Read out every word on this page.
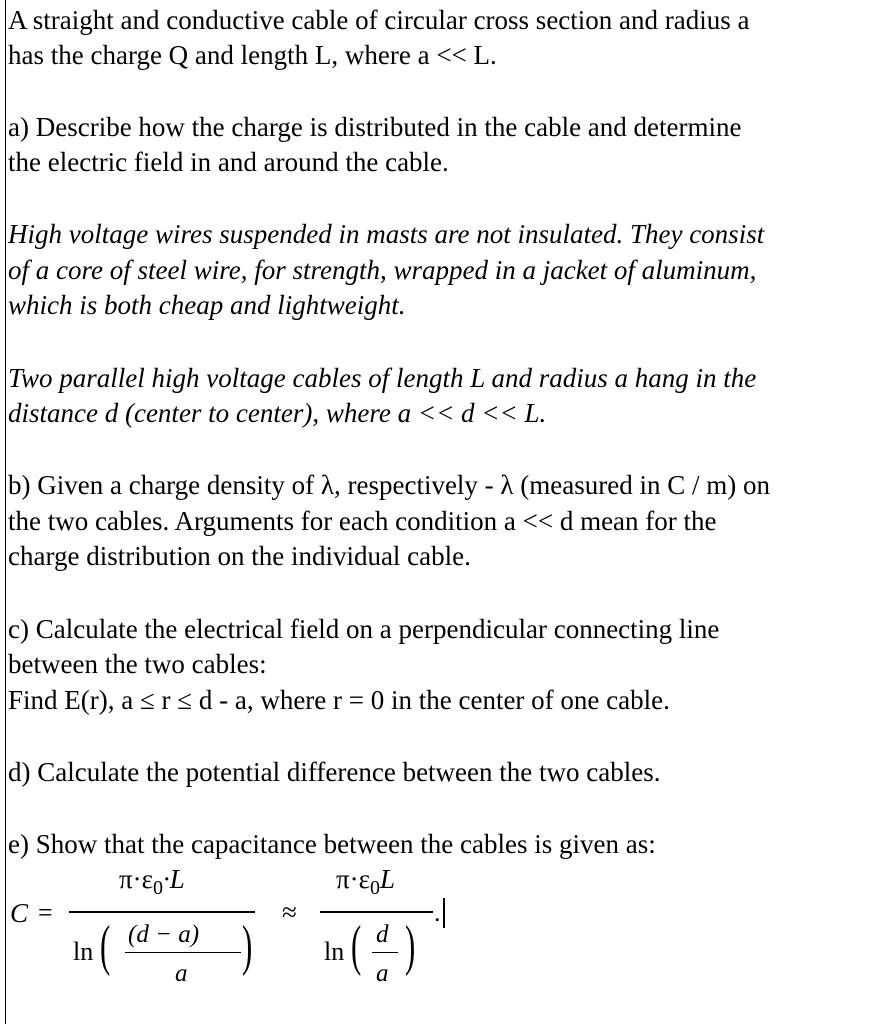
A straight and conductive cable of circular cross section and radius a
has the charge Q and length L, where a << L.
a) Describe how the charge is distributed in the cable and determine
the electric field in and around the cable.
High voltage wires suspended in masts are not insulated. They consist
of a core of steel wire, for strength, wrapped in a jacket of aluminum,
which is both cheap and lightweight.
Two parallel high voltage cables of length L and radius a hang in the
distance d (center to center), where a << d << L.
b) Given a charge density of λ, respectively - λ (measured in C / m) on
the two cables. Arguments for each condition a << d mean for the
charge distribution on the individual cable.
c) Calculate the electrical field on a perpendicular connecting line
between the two cables:
Find E(r), a ≤ r ≤ d - a, where r = 0 in the center of one cable.
d) Calculate the potential difference between the two cables.
e) Show that the capacitance between the cables is given as:
C =
$\pi\cdot\varepsilon_0\cdot L$
ln ( (d − a)
a )
≈
$\pi\cdot\varepsilon_0L$
ln ( d
a )
.
